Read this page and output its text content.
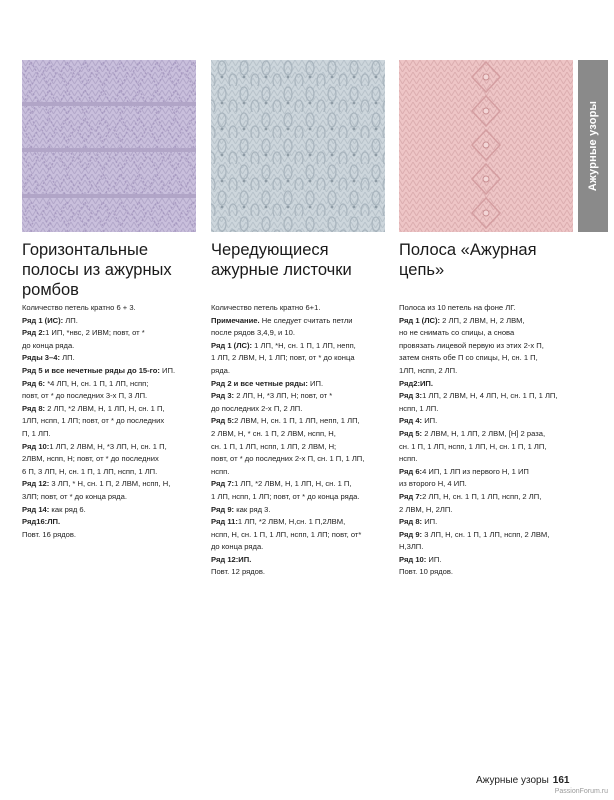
Ажурные узоры
Горизонтальные полосы из ажурных ромбов

Количество петель кратно 6 + 3.

Ряд 1 (ИС): ЛП.

Ряд 2:1 ИП, *нвс, 2 ИВМ; повт, от *

до конца ряда.

Ряды 3–4: ЛП.

Ряд 5 и все нечетные ряды до 15-го: ИП.

Ряд 6: *4 ЛП, Н, сн. 1 П, 1 ЛП, нспп;

повт, от * до последних 3-х П, 3 ЛП.

Ряд 8: 2 ЛП, *2 ЛВМ, Н, 1 ЛП, Н, сн. 1 П,

1ЛП, нспп, 1 ЛП; повт, от * до последних

П, 1 ЛП.

Ряд 10:1 ЛП, 2 ЛВМ, Н, *3 ЛП, Н, сн. 1 П,

2ЛВМ, нспп, Н; повт, от * до последних

6 П, 3 ЛП, Н, сн. 1 П, 1 ЛП, нспп, 1 ЛП.

Ряд 12: 3 ЛП, * Н, сн. 1 П, 2 ЛВМ, нспп, Н,

3ЛП; повт, от * до конца ряда.

Ряд 14: как ряд 6.

Ряд16:ЛП.

Повт. 16 рядов.

Чередующиеся ажурные листочки

Количество петель кратно 6+1.

Примечание. Не следует считать петли

после рядов 3,4,9, и 10.

Ряд 1 (ЛС): 1 ЛП, *Н, сн. 1 П, 1 ЛП, непп,

1 ЛП, 2 ЛВМ, Н, 1 ЛП; повт, от * до конца

ряда.

Ряд 2 и все четные ряды: ИП.

Ряд 3: 2 ЛП, Н, *3 ЛП, Н; повт, от *

до последних 2-х П, 2 ЛП.

Ряд 5:2 ЛВМ, Н, сн. 1 П, 1 ЛП, непп, 1 ЛП,

2 ЛВМ, Н, * сн. 1 П, 2 ЛВМ, нспп, Н,

сн. 1 П, 1 ЛП, нспп, 1 ЛП, 2 ЛВМ, Н;

повт, от * до последних 2-х П, сн. 1 П, 1 ЛП,

нспп.

Ряд 7:1 ЛП, *2 ЛВМ, Н, 1 ЛП, Н, сн. 1 П,

1 ЛП, нспп, 1 ЛП; повт, от * до конца ряда.

Ряд 9: как ряд 3.

Ряд 11:1 ЛП, *2 ЛВМ, Н,сн. 1 П,2ЛВМ,

нспп, Н, сн. 1 П, 1 ЛП, нспп, 1 ЛП; повт, от*

до конца ряда.

Ряд 12:ИП.

Повт. 12 рядов.

Полоса «Ажурная цепь»

Полоса из 10 петель на фоне ЛГ.

Ряд 1 (ЛС): 2 ЛП, 2 ЛВМ, Н, 2 ЛВМ,

но не снимать со спицы, а снова

провязать лицевой первую из этих 2-х П,

затем снять обе П со спицы, Н, сн. 1 П,

1ЛП, нспп, 2 ЛП.

Ряд2:ИП.

Ряд 3:1 ЛП, 2 ЛВМ, Н, 4 ЛП, Н, сн. 1 П, 1 ЛП,

нспп, 1 ЛП.

Ряд 4: ИП.

Ряд 5: 2 ЛВМ, Н, 1 ЛП, 2 ЛВМ, [Н] 2 раза,

сн. 1 П, 1 ЛП, нспп, 1 ЛП, Н, сн. 1 П, 1 ЛП,

нспп.

Ряд 6:4 ИП, 1 ЛП из первого Н, 1 ИП

из второго Н, 4 ИП.

Ряд 7:2 ЛП, Н, сн. 1 П, 1 ЛП, нспп, 2 ЛП,

2 ЛВМ, Н, 2ЛП.

Ряд 8: ИП.

Ряд 9: 3 ЛП, Н, сн. 1 П, 1 ЛП, нспп, 2 ЛВМ,

Н,3ЛП.

Ряд 10: ИП.

Повт. 10 рядов.

Ажурные узоры 161
PassionForum.ru
